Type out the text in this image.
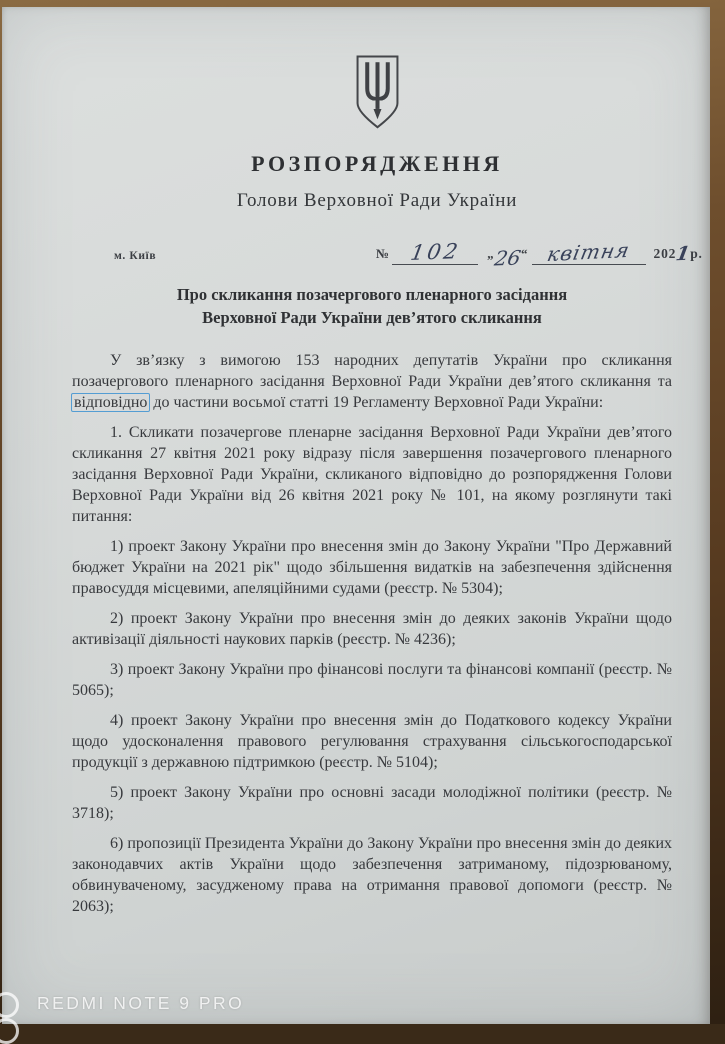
РОЗПОРЯДЖЕННЯ
Голови Верховної Ради України
м. Київ	№ 102	„
26
“ квітня	2021р.
Про скликання позачергового пленарного засідання
Верховної Ради України дев’ятого скликання

У зв’язку з вимогою 153 народних депутатів України про скликання позачергового пленарного засідання Верховної Ради України дев’ятого скликання та відповідно до частини восьмої статті 19 Регламенту Верховної Ради України:

1. Скликати позачергове пленарне засідання Верховної Ради України дев’ятого скликання 27 квітня 2021 року відразу після завершення позачергового пленарного засідання Верховної Ради України, скликаного відповідно до розпорядження Голови Верховної Ради України від 26 квітня 2021 року № 101, на якому розглянути такі питання:

1) проект Закону України про внесення змін до Закону України "Про Державний бюджет України на 2021 рік" щодо збільшення видатків на забезпечення здійснення правосуддя місцевими, апеляційними судами (реєстр. № 5304);

2) проект Закону України про внесення змін до деяких законів України щодо активізації діяльності наукових парків (реєстр. № 4236);

3) проект Закону України про фінансові послуги та фінансові компанії (реєстр. № 5065);

4) проект Закону України про внесення змін до Податкового кодексу України щодо удосконалення правового регулювання страхування сільськогосподарської продукції з державною підтримкою (реєстр. № 5104);

5) проект Закону України про основні засади молодіжної політики (реєстр. № 3718);

6) пропозиції Президента України до Закону України про внесення змін до деяких законодавчих актів України щодо забезпечення затриманому, підозрюваному, обвинуваченому, засудженому права на отримання правової допомоги (реєстр. № 2063);

REDMI NOTE 9 PRO
